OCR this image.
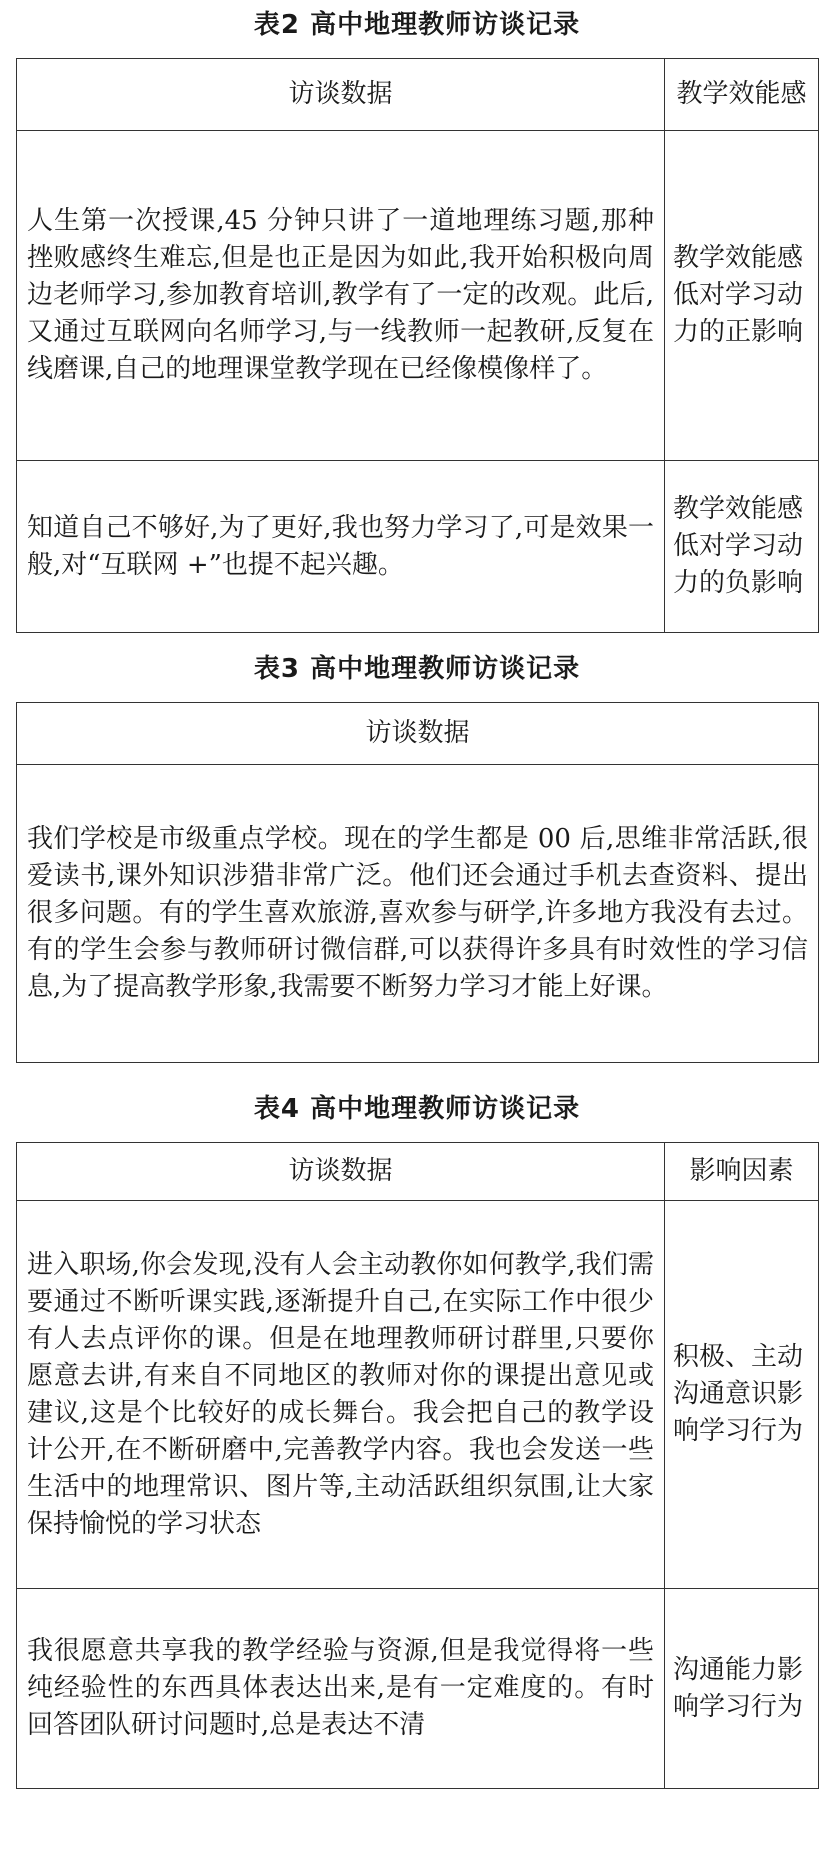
表2 高中地理教师访谈记录
访谈数据	教学效能感
人生第一次授课,45 分钟只讲了一道地理练习题,那种挫败感终生难忘,但是也正是因为如此,我开始积极向周边老师学习,参加教育培训,教学有了一定的改观。此后,又通过互联网向名师学习,与一线教师一起教研,反复在线磨课,自己的地理课堂教学现在已经像模像样了。	教学效能感低对学习动力的正影响
知道自己不够好,为了更好,我也努力学习了,可是效果一般,对“互联网 +”也提不起兴趣。	教学效能感低对学习动力的负影响
表3 高中地理教师访谈记录
访谈数据
我们学校是市级重点学校。现在的学生都是 00 后,思维非常活跃,很爱读书,课外知识涉猎非常广泛。他们还会通过手机去查资料、提出很多问题。有的学生喜欢旅游,喜欢参与研学,许多地方我没有去过。有的学生会参与教师研讨微信群,可以获得许多具有时效性的学习信息,为了提高教学形象,我需要不断努力学习才能上好课。
表4 高中地理教师访谈记录
访谈数据	影响因素
进入职场,你会发现,没有人会主动教你如何教学,我们需要通过不断听课实践,逐渐提升自己,在实际工作中很少有人去点评你的课。但是在地理教师研讨群里,只要你愿意去讲,有来自不同地区的教师对你的课提出意见或建议,这是个比较好的成长舞台。我会把自己的教学设计公开,在不断研磨中,完善教学内容。我也会发送一些生活中的地理常识、图片等,主动活跃组织氛围,让大家保持愉悦的学习状态	积极、主动沟通意识影响学习行为
我很愿意共享我的教学经验与资源,但是我觉得将一些纯经验性的东西具体表达出来,是有一定难度的。有时回答团队研讨问题时,总是表达不清	沟通能力影响学习行为
